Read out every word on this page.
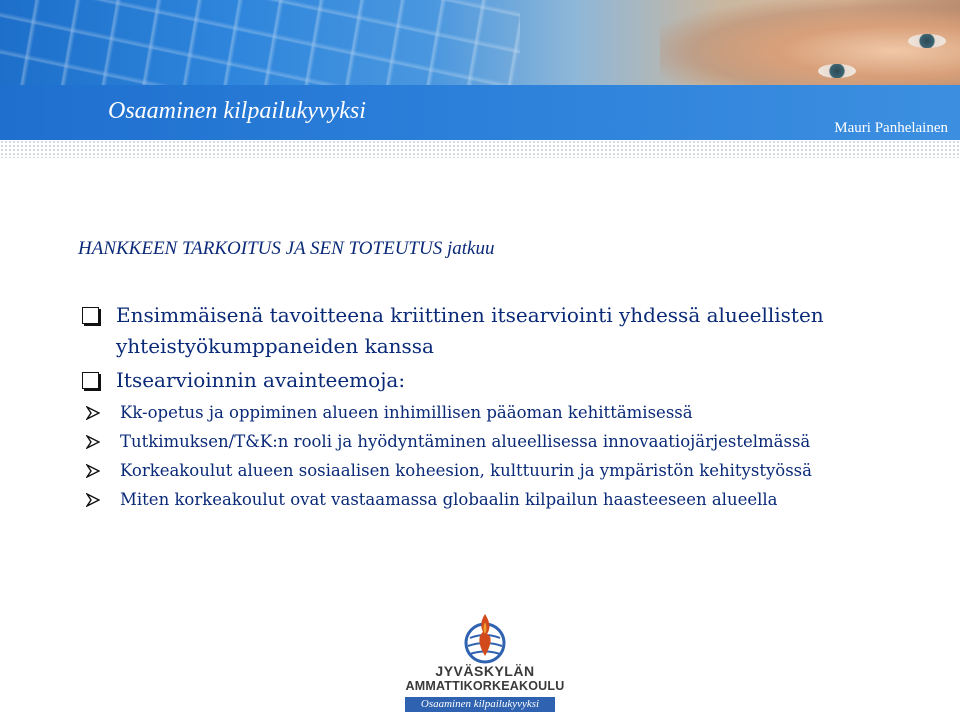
Osaaminen kilpailukyvyksi

Mauri Panhelainen

HANKKEEN TARKOITUS JA SEN TOTEUTUS jatkuu

Ensimmäisenä tavoitteena kriittinen itsearviointi yhdessä alueellisten yhteistyökumppaneiden kanssa
Itsearvioinnin avainteemoja:
Kk-opetus ja oppiminen alueen inhimillisen pääoman kehittämisessä
Tutkimuksen/T&K:n rooli ja hyödyntäminen alueellisessa innovaatiojärjestelmässä
Korkeakoulut alueen sosiaalisen koheesion, kulttuurin ja ympäristön kehitystyössä
Miten korkeakoulut ovat vastaamassa globaalin kilpailun haasteeseen alueella

JYVÄSKYLÄN

AMMATTIKORKEAKOULU

Osaaminen kilpailukyvyksi
